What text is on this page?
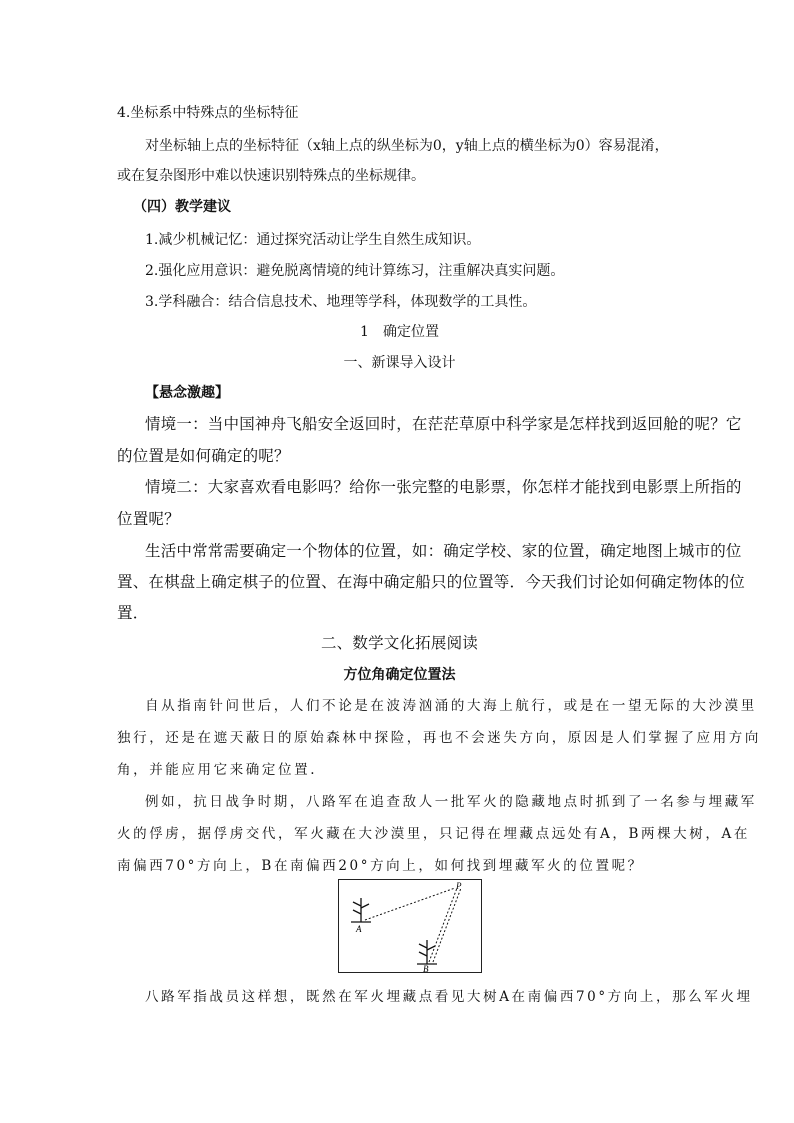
4.坐标系中特殊点的坐标特征
对坐标轴上点的坐标特征（x轴上点的纵坐标为0，y轴上点的横坐标为0）容易混淆，
或在复杂图形中难以快速识别特殊点的坐标规律。
（四）教学建议
1.减少机械记忆：通过探究活动让学生自然生成知识。
2.强化应用意识：避免脱离情境的纯计算练习，注重解决真实问题。
3.学科融合：结合信息技术、地理等学科，体现数学的工具性。
1　确定位置
一、新课导入设计
【悬念激趣】
情境一：当中国神舟飞船安全返回时，在茫茫草原中科学家是怎样找到返回舱的呢？它
的位置是如何确定的呢？
情境二：大家喜欢看电影吗？给你一张完整的电影票，你怎样才能找到电影票上所指的
位置呢？
生活中常常需要确定一个物体的位置，如：确定学校、家的位置，确定地图上城市的位
置、在棋盘上确定棋子的位置、在海中确定船只的位置等．今天我们讨论如何确定物体的位
置．
二、数学文化拓展阅读
方位角确定位置法
自从指南针问世后，人们不论是在波涛汹涌的大海上航行，或是在一望无际的大沙漠里
独行，还是在遮天蔽日的原始森林中探险，再也不会迷失方向，原因是人们掌握了应用方向
角，并能应用它来确定位置.
例如，抗日战争时期，八路军在追查敌人一批军火的隐藏地点时抓到了一名参与埋藏军
火的俘虏，据俘虏交代，军火藏在大沙漠里，只记得在埋藏点远处有A，B两棵大树，A在
南偏西70°方向上，B在南偏西20°方向上，如何找到埋藏军火的位置呢？
A
B
P
八路军指战员这样想，既然在军火埋藏点看见大树A在南偏西70°方向上，那么军火埋
